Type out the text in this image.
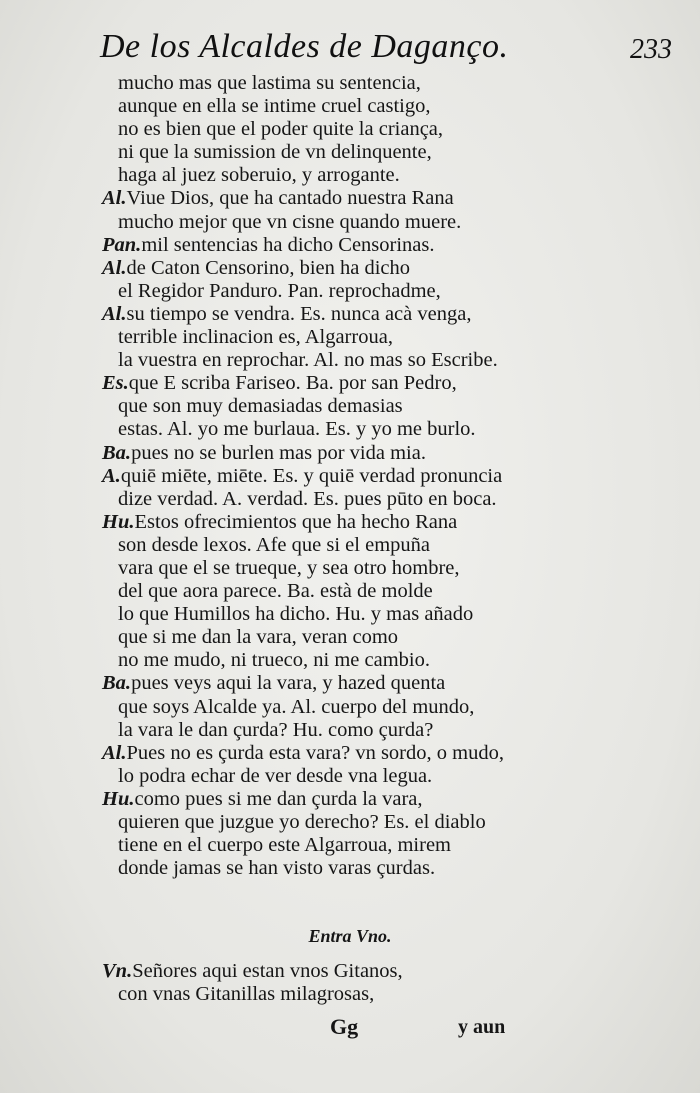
De los Alcaldes de Daganço.	233
mucho mas que lastima su sentencia,
aunque en ella se intime cruel castigo,
no es bien que el poder quite la criança,
ni que la sumission de vn delinquente,
haga al juez soberuio, y arrogante.
Al.Viue Dios, que ha cantado nuestra Rana
mucho mejor que vn cisne quando muere.
Pan.mil sentencias ha dicho Censorinas.
Al.de Caton Censorino, bien ha dicho
el Regidor Panduro. Pan. reprochadme,
Al.su tiempo se vendra. Es. nunca acà venga,
terrible inclinacion es, Algarroua,
la vuestra en reprochar. Al. no mas so Escribe.
Es.que E scriba Fariseo. Ba. por san Pedro,
que son muy demasiadas demasias
estas. Al. yo me burlaua. Es. y yo me burlo.
Ba.pues no se burlen mas por vida mia.
A.quiē miēte, miēte. Es. y quiē verdad pronuncia
dize verdad. A. verdad. Es. pues pūto en boca.
Hu.Estos ofrecimientos que ha hecho Rana
son desde lexos. Afe que si el empuña
vara que el se trueque, y sea otro hombre,
del que aora parece. Ba. està de molde
lo que Humillos ha dicho. Hu. y mas añado
que si me dan la vara, veran como
no me mudo, ni trueco, ni me cambio.
Ba.pues veys aqui la vara, y hazed quenta
que soys Alcalde ya. Al. cuerpo del mundo,
la vara le dan çurda? Hu. como çurda?
Al.Pues no es çurda esta vara? vn sordo, o mudo,
lo podra echar de ver desde vna legua.
Hu.como pues si me dan çurda la vara,
quieren que juzgue yo derecho? Es. el diablo
tiene en el cuerpo este Algarroua, mirem
donde jamas se han visto varas çurdas.
Entra Vno.
Vn.Señores aqui estan vnos Gitanos,
con vnas Gitanillas milagrosas,
Gg	y aun
